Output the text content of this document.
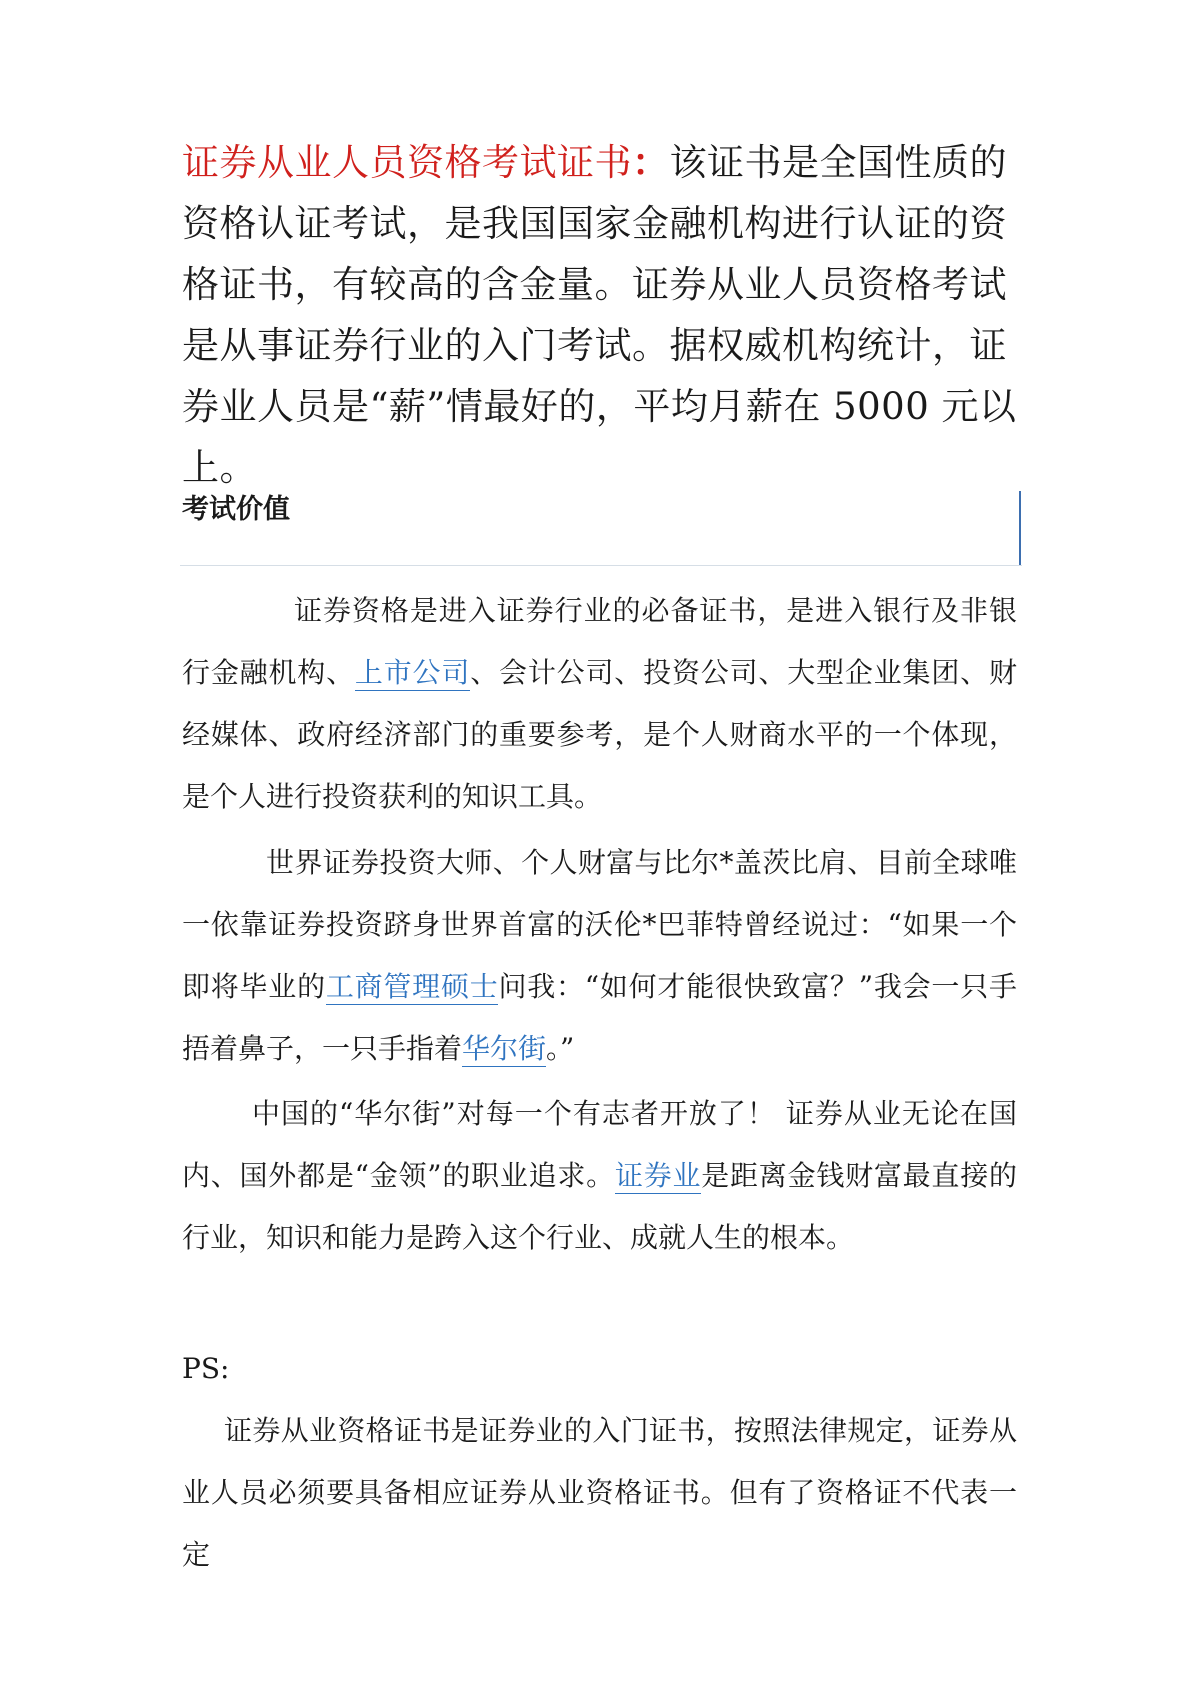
证券从业人员资格考试证书：该证书是全国性质的资格认证考试，是我国国家金融机构进行认证的资格证书，有较高的含金量。证券从业人员资格考试是从事证券行业的入门考试。据权威机构统计，证券业人员是“薪”情最好的，平均月薪在 5000 元以上。

考试价值

证券资格是进入证券行业的必备证书，是进入银行及非银行金融机构、上市公司、会计公司、投资公司、大型企业集团、财经媒体、政府经济部门的重要参考，是个人财商水平的一个体现，是个人进行投资获利的知识工具。

世界证券投资大师、个人财富与比尔*盖茨比肩、目前全球唯一依靠证券投资跻身世界首富的沃伦*巴菲特曾经说过：“如果一个即将毕业的工商管理硕士问我：“如何才能很快致富？”我会一只手捂着鼻子，一只手指着华尔街。”

中国的“华尔街”对每一个有志者开放了！ 证券从业无论在国内、国外都是“金领”的职业追求。证券业是距离金钱财富最直接的行业，知识和能力是跨入这个行业、成就人生的根本。

PS:

证券从业资格证书是证券业的入门证书，按照法律规定，证券从业人员必须要具备相应证券从业资格证书。但有了资格证不代表一定
